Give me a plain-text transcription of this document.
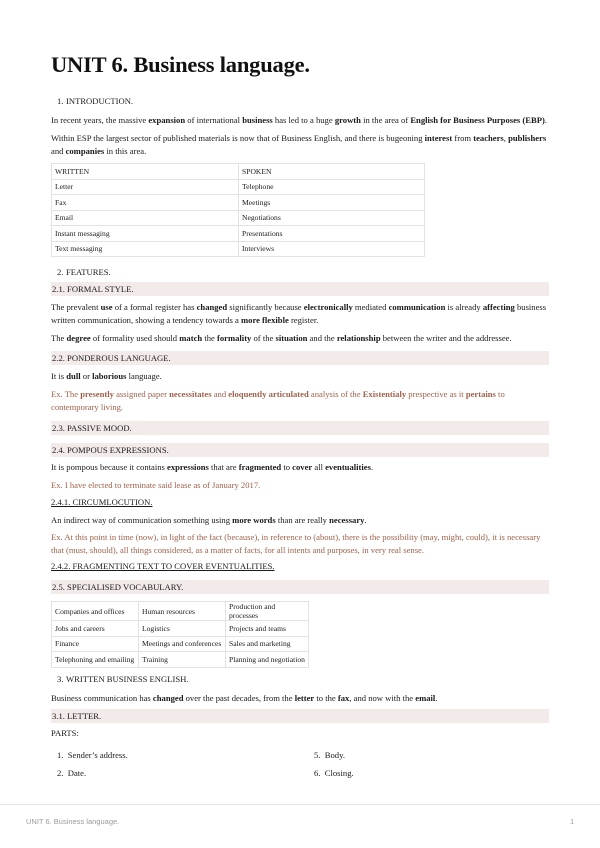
UNIT 6. Business language.
1. INTRODUCTION.
In recent years, the massive expansion of international business has led to a huge growth in the area of English for Business Purposes (EBP).
Within ESP the largest sector of published materials is now that of Business English, and there is bugeoning interest from teachers, publishers
and companies in this area.
WRITTEN	SPOKEN
Letter	Telephone
Fax	Meetings
Email	Negotiations
Instant messaging	Presentations
Text messaging	Interviews
2. FEATURES.
2.1. FORMAL STYLE.
The prevalent use of a formal register has changed significantly because electronically mediated communication is already affecting business
written communication, showing a tendency towards a more flexible register.
The degree of formality used should match the formality of the situation and the relationship between the writer and the addressee.
2.2. PONDEROUS LANGUAGE.
It is dull or laborious language.
Ex. The presently assigned paper necessitates and eloquently articulated analysis of the Existentialy prespective as it pertains to
contemporary living.
2.3. PASSIVE MOOD.
2.4. POMPOUS EXPRESSIONS.
It is pompous because it contains expressions that are fragmented to cover all eventualities.
Ex. I have elected to terminate said lease as of January 2017.
2.4.1. CIRCUMLOCUTION.
An indirect way of communication something using more words than are really necessary.
Ex. At this point in time (now), in light of the fact (because), in reference to (about), there is the possibility (may, might, could), it is necessary
that (must, should), all things considered, as a matter of facts, for all intents and purposes, in very real sense.
2.4.2. FRAGMENTING TEXT TO COVER EVENTUALITIES.
2.5. SPECIALISED VOCABULARY.
Companies and offices	Human resources	Production and processes
Jobs and careers	Logistics	Projects and teams
Finance	Meetings and conferences	Sales and marketing
Telephoning and emailing	Training	Planning and negotiation
3. WRITTEN BUSINESS ENGLISH.
Business communication has changed over the past decades, from the letter to the fax, and now with the email.
3.1. LETTER.
PARTS:
1. Sender’s address.
2. Date.
5. Body.
6. Closing.
UNIT 6. Business language.	1
